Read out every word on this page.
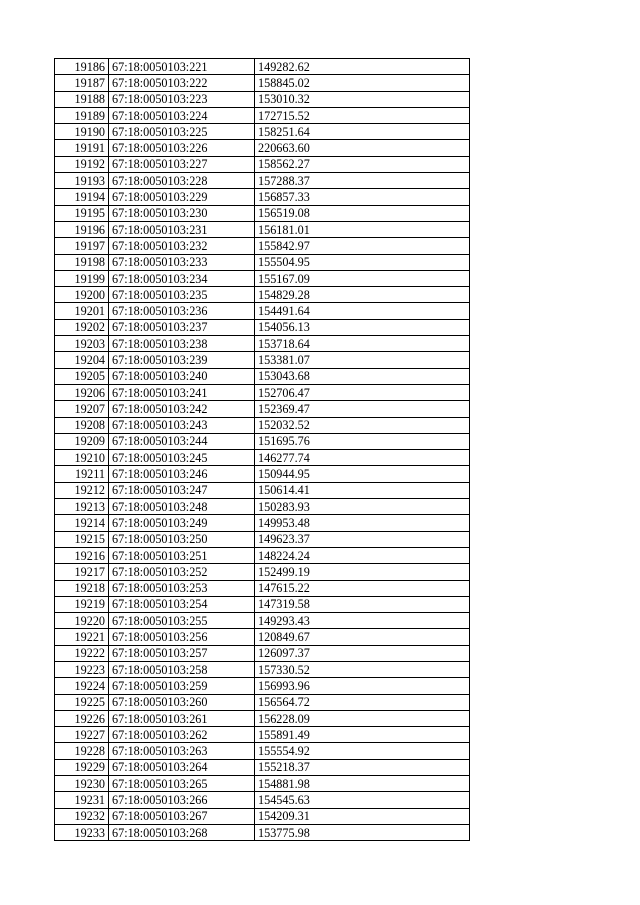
19186	67:18:0050103:221	149282.62
19187	67:18:0050103:222	158845.02
19188	67:18:0050103:223	153010.32
19189	67:18:0050103:224	172715.52
19190	67:18:0050103:225	158251.64
19191	67:18:0050103:226	220663.60
19192	67:18:0050103:227	158562.27
19193	67:18:0050103:228	157288.37
19194	67:18:0050103:229	156857.33
19195	67:18:0050103:230	156519.08
19196	67:18:0050103:231	156181.01
19197	67:18:0050103:232	155842.97
19198	67:18:0050103:233	155504.95
19199	67:18:0050103:234	155167.09
19200	67:18:0050103:235	154829.28
19201	67:18:0050103:236	154491.64
19202	67:18:0050103:237	154056.13
19203	67:18:0050103:238	153718.64
19204	67:18:0050103:239	153381.07
19205	67:18:0050103:240	153043.68
19206	67:18:0050103:241	152706.47
19207	67:18:0050103:242	152369.47
19208	67:18:0050103:243	152032.52
19209	67:18:0050103:244	151695.76
19210	67:18:0050103:245	146277.74
19211	67:18:0050103:246	150944.95
19212	67:18:0050103:247	150614.41
19213	67:18:0050103:248	150283.93
19214	67:18:0050103:249	149953.48
19215	67:18:0050103:250	149623.37
19216	67:18:0050103:251	148224.24
19217	67:18:0050103:252	152499.19
19218	67:18:0050103:253	147615.22
19219	67:18:0050103:254	147319.58
19220	67:18:0050103:255	149293.43
19221	67:18:0050103:256	120849.67
19222	67:18:0050103:257	126097.37
19223	67:18:0050103:258	157330.52
19224	67:18:0050103:259	156993.96
19225	67:18:0050103:260	156564.72
19226	67:18:0050103:261	156228.09
19227	67:18:0050103:262	155891.49
19228	67:18:0050103:263	155554.92
19229	67:18:0050103:264	155218.37
19230	67:18:0050103:265	154881.98
19231	67:18:0050103:266	154545.63
19232	67:18:0050103:267	154209.31
19233	67:18:0050103:268	153775.98
